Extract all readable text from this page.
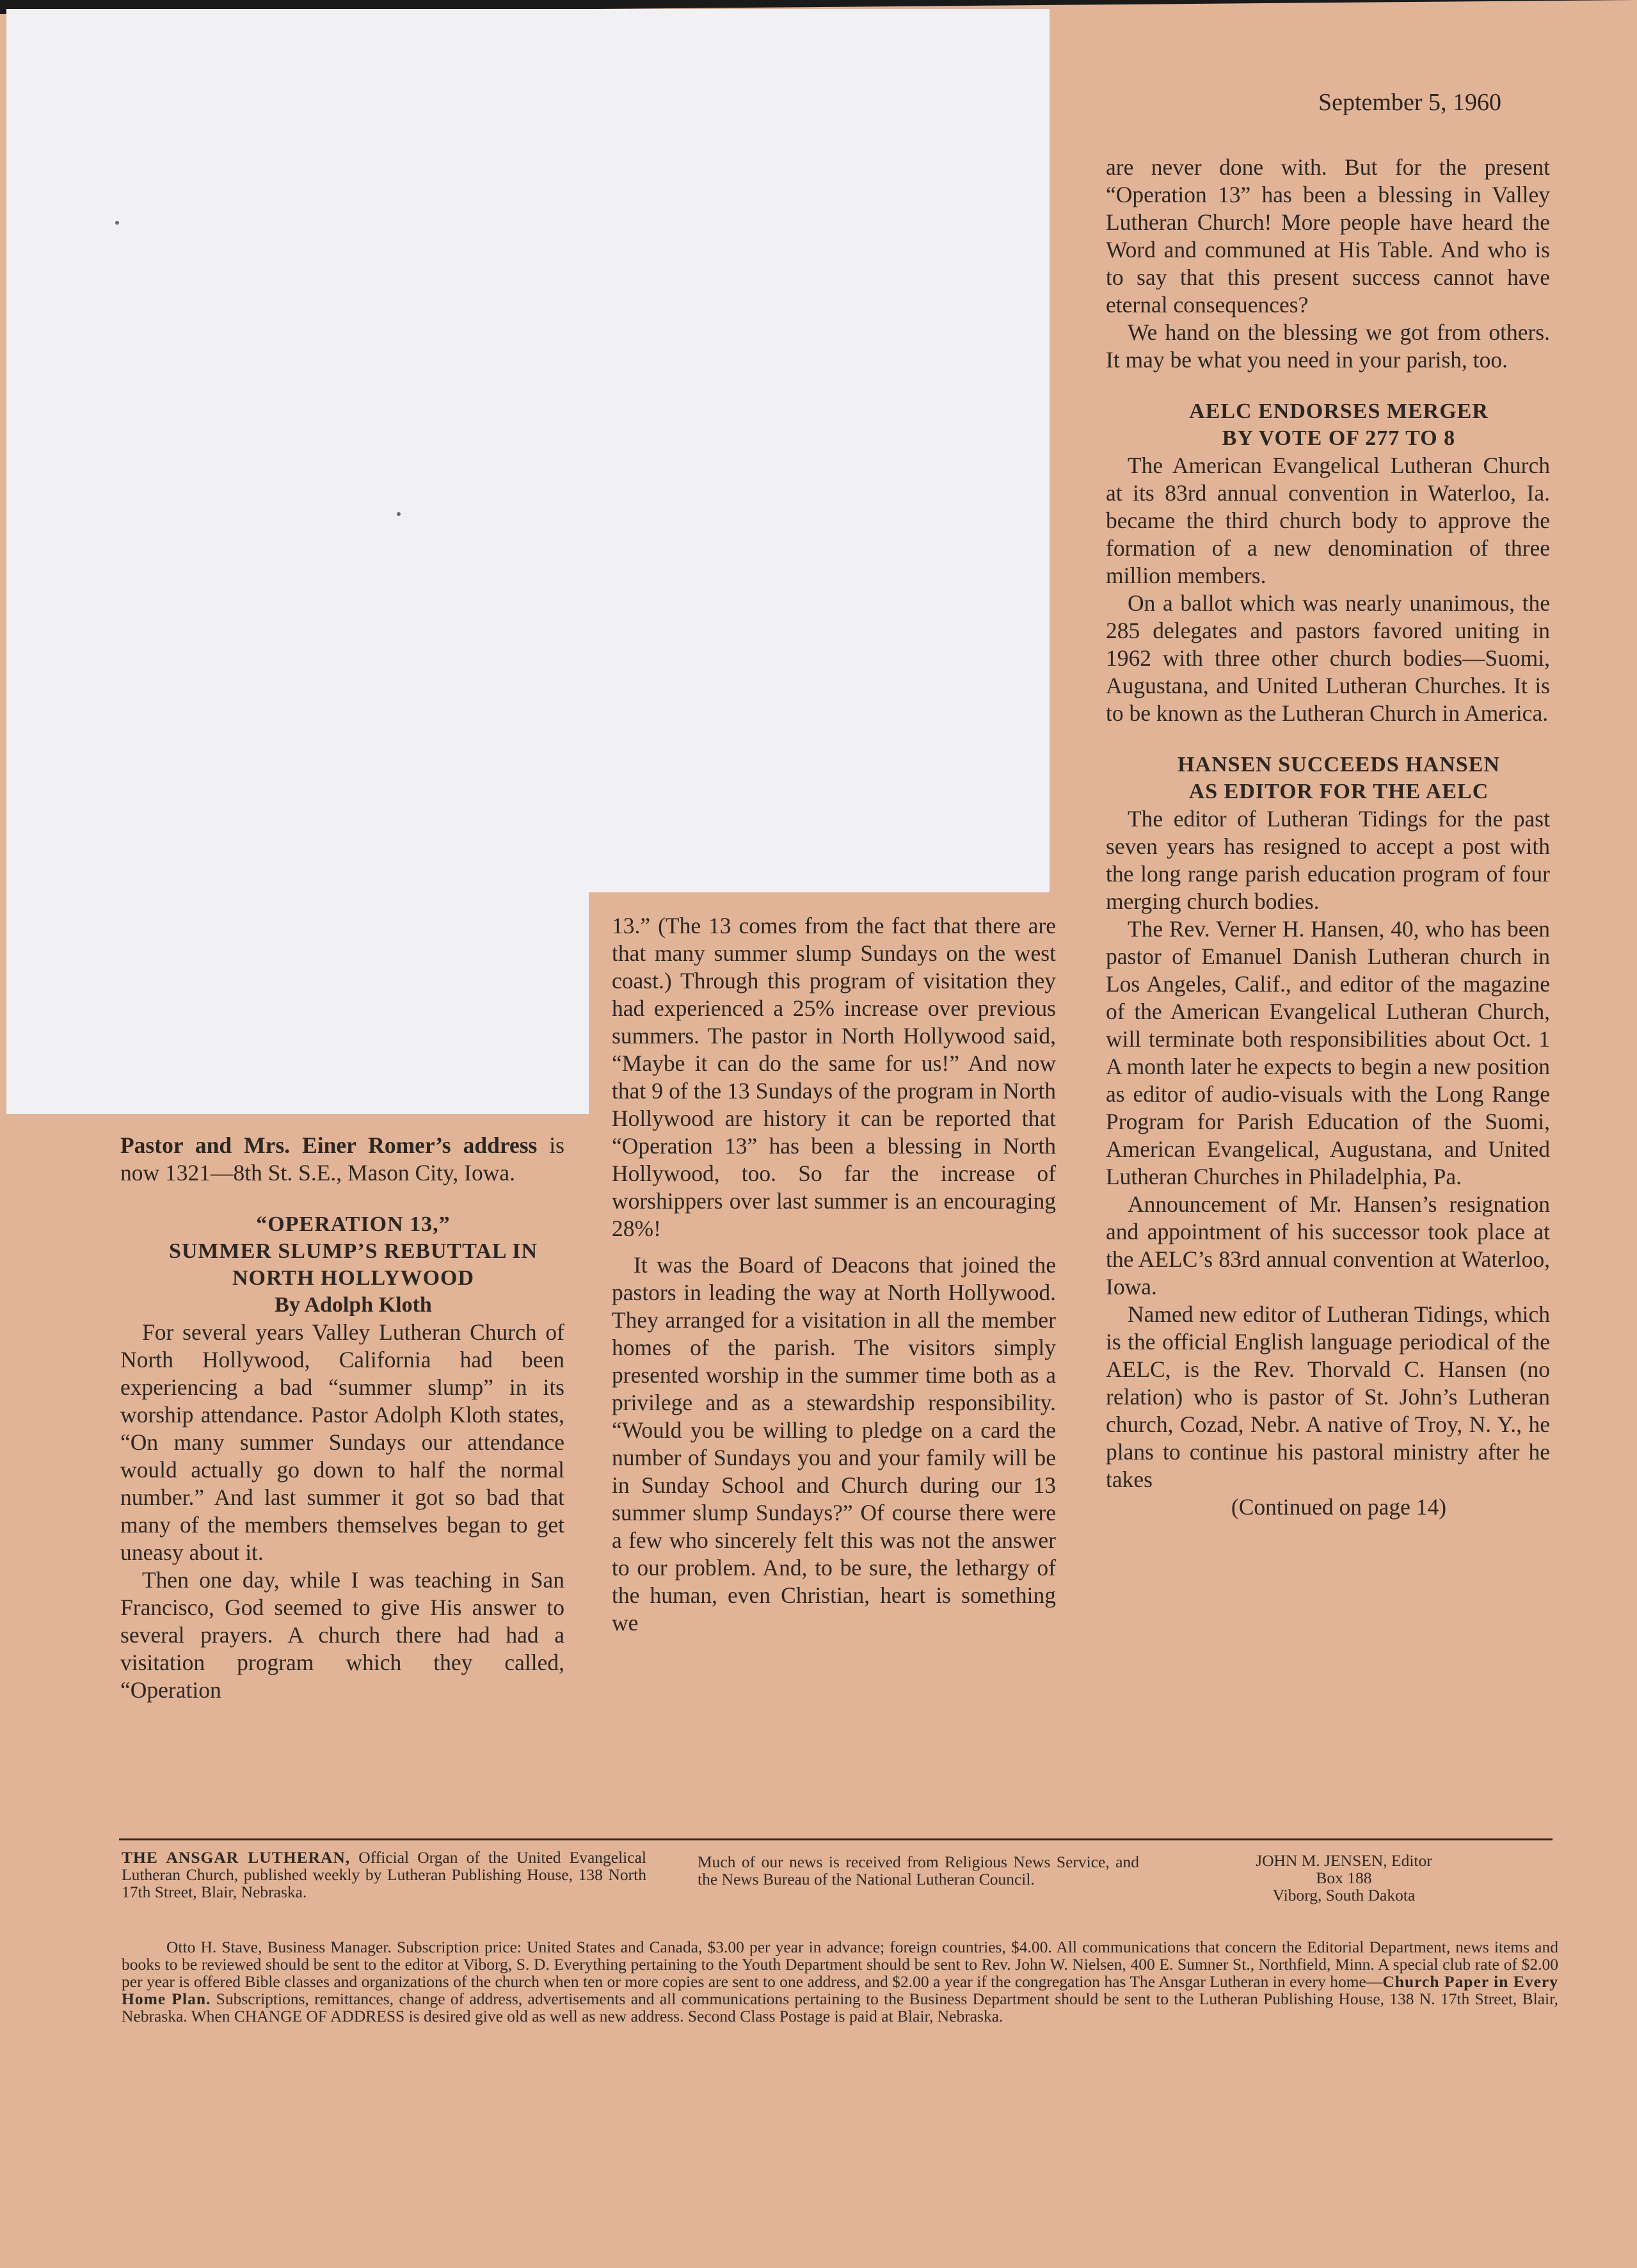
September 5, 1960

are never done with. But for the present “Operation 13” has been a blessing in Valley Lutheran Church! More people have heard the Word and communed at His Table. And who is to say that this present success cannot have eternal consequences?

We hand on the blessing we got from others. It may be what you need in your parish, too.

AELC ENDORSES MERGER

BY VOTE OF 277 TO 8

The American Evangelical Lutheran Church at its 83rd annual convention in Waterloo, Ia. became the third church body to approve the formation of a new denomination of three million members.

On a ballot which was nearly unanimous, the 285 delegates and pastors favored uniting in 1962 with three other church bodies—Suomi, Augustana, and United Lutheran Churches. It is to be known as the Lutheran Church in America.

HANSEN SUCCEEDS HANSEN

AS EDITOR FOR THE AELC

The editor of Lutheran Tidings for the past seven years has resigned to accept a post with the long range parish education program of four merging church bodies.

The Rev. Verner H. Hansen, 40, who has been pastor of Emanuel Danish Lutheran church in Los Angeles, Calif., and editor of the magazine of the American Evangelical Lutheran Church, will terminate both responsibilities about Oct. 1 A month later he expects to begin a new position as editor of audio-visuals with the Long Range Program for Parish Education of the Suomi, American Evangelical, Augustana, and United Lutheran Churches in Philadelphia, Pa.

Announcement of Mr. Hansen’s resignation and appointment of his successor took place at the AELC’s 83rd annual convention at Waterloo, Iowa.

Named new editor of Lutheran Tidings, which is the official English language periodical of the AELC, is the Rev. Thorvald C. Hansen (no relation) who is pastor of St. John’s Lutheran church, Cozad, Nebr. A native of Troy, N. Y., he plans to continue his pastoral ministry after he takes

(Continued on page 14)

13.” (The 13 comes from the fact that there are that many summer slump Sundays on the west coast.) Through this program of visitation they had experienced a 25% increase over previous summers. The pastor in North Hollywood said, “Maybe it can do the same for us!” And now that 9 of the 13 Sundays of the program in North Hollywood are history it can be reported that “Operation 13” has been a blessing in North Hollywood, too. So far the increase of worshippers over last summer is an encouraging 28%!

It was the Board of Deacons that joined the pastors in leading the way at North Hollywood. They arranged for a visitation in all the member homes of the parish. The visitors simply presented worship in the summer time both as a privilege and as a stewardship responsibility. “Would you be willing to pledge on a card the number of Sundays you and your family will be in Sunday School and Church during our 13 summer slump Sundays?” Of course there were a few who sincerely felt this was not the answer to our problem. And, to be sure, the lethargy of the human, even Christian, heart is something we

Pastor and Mrs. Einer Romer’s address is now 1321—8th St. S.E., Mason City, Iowa.

“OPERATION 13,”

SUMMER SLUMP’S REBUTTAL IN

NORTH HOLLYWOOD

By Adolph Kloth

For several years Valley Lutheran Church of North Hollywood, California had been experiencing a bad “summer slump” in its worship attendance. Pastor Adolph Kloth states, “On many summer Sundays our attendance would actually go down to half the normal number.” And last summer it got so bad that many of the members themselves began to get uneasy about it.

Then one day, while I was teaching in San Francisco, God seemed to give His answer to several prayers. A church there had had a visitation program which they called, “Operation

THE ANSGAR LUTHERAN, Official Organ of the United Evangelical Lutheran Church, published weekly by Lutheran Publishing House, 138 North 17th Street, Blair, Nebraska.
Much of our news is received from Religious News Service, and the News Bureau of the National Lutheran Council.
JOHN M. JENSEN, Editor
Box 188
Viborg, South Dakota
Otto H. Stave, Business Manager. Subscription price: United States and Canada, $3.00 per year in advance; foreign countries, $4.00. All communications that concern the Editorial Department, news items and books to be reviewed should be sent to the editor at Viborg, S. D. Everything pertaining to the Youth Department should be sent to Rev. John W. Nielsen, 400 E. Sumner St., Northfield, Minn. A special club rate of $2.00 per year is offered Bible classes and organizations of the church when ten or more copies are sent to one address, and $2.00 a year if the congregation has The Ansgar Lutheran in every home—Church Paper in Every Home Plan. Subscriptions, remittances, change of address, advertisements and all communications pertaining to the Business Department should be sent to the Lutheran Publishing House, 138 N. 17th Street, Blair, Nebraska. When CHANGE OF ADDRESS is desired give old as well as new address. Second Class Postage is paid at Blair, Nebraska.
